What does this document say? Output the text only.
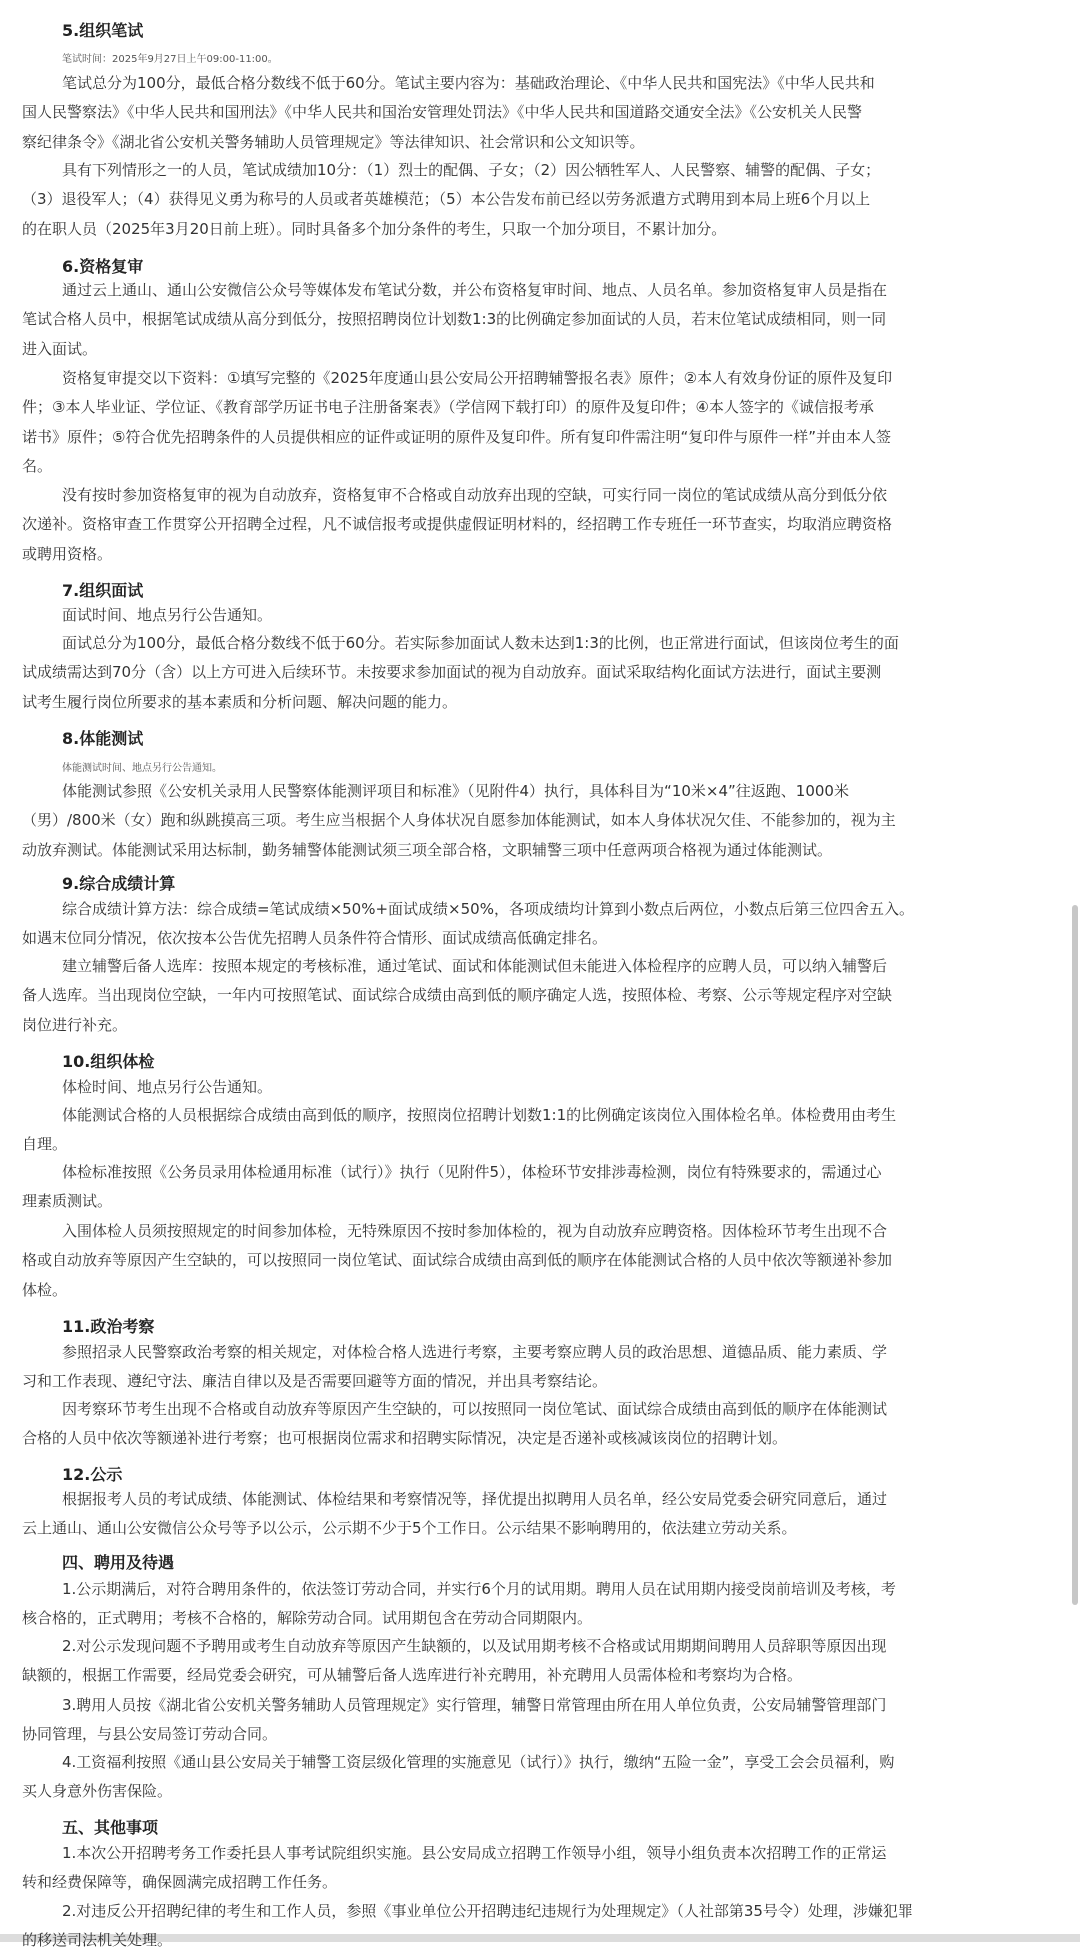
5.组织笔试
笔试时间：2025年9月27日上午09:00-11:00。
笔试总分为100分，最低合格分数线不低于60分。笔试主要内容为：基础政治理论、《中华人民共和国宪法》《中华人民共和
国人民警察法》《中华人民共和国刑法》《中华人民共和国治安管理处罚法》《中华人民共和国道路交通安全法》《公安机关人民警
察纪律条令》《湖北省公安机关警务辅助人员管理规定》等法律知识、社会常识和公文知识等。
具有下列情形之一的人员，笔试成绩加10分：（1）烈士的配偶、子女；（2）因公牺牲军人、人民警察、辅警的配偶、子女；
（3）退役军人；（4）获得见义勇为称号的人员或者英雄模范；（5）本公告发布前已经以劳务派遣方式聘用到本局上班6个月以上
的在职人员（2025年3月20日前上班）。同时具备多个加分条件的考生，只取一个加分项目，不累计加分。
6.资格复审
通过云上通山、通山公安微信公众号等媒体发布笔试分数，并公布资格复审时间、地点、人员名单。参加资格复审人员是指在
笔试合格人员中，根据笔试成绩从高分到低分，按照招聘岗位计划数1:3的比例确定参加面试的人员，若末位笔试成绩相同，则一同
进入面试。
资格复审提交以下资料：①填写完整的《2025年度通山县公安局公开招聘辅警报名表》原件；②本人有效身份证的原件及复印
件；③本人毕业证、学位证、《教育部学历证书电子注册备案表》（学信网下载打印）的原件及复印件；④本人签字的《诚信报考承
诺书》原件；⑤符合优先招聘条件的人员提供相应的证件或证明的原件及复印件。所有复印件需注明“复印件与原件一样”并由本人签
名。
没有按时参加资格复审的视为自动放弃，资格复审不合格或自动放弃出现的空缺，可实行同一岗位的笔试成绩从高分到低分依
次递补。资格审查工作贯穿公开招聘全过程，凡不诚信报考或提供虚假证明材料的，经招聘工作专班任一环节查实，均取消应聘资格
或聘用资格。
7.组织面试
面试时间、地点另行公告通知。
面试总分为100分，最低合格分数线不低于60分。若实际参加面试人数未达到1:3的比例，也正常进行面试，但该岗位考生的面
试成绩需达到70分（含）以上方可进入后续环节。未按要求参加面试的视为自动放弃。面试采取结构化面试方法进行，面试主要测
试考生履行岗位所要求的基本素质和分析问题、解决问题的能力。
8.体能测试
体能测试时间、地点另行公告通知。
体能测试参照《公安机关录用人民警察体能测评项目和标准》（见附件4）执行，具体科目为“10米×4”往返跑、1000米
（男）/800米（女）跑和纵跳摸高三项。考生应当根据个人身体状况自愿参加体能测试，如本人身体状况欠佳、不能参加的，视为主
动放弃测试。体能测试采用达标制，勤务辅警体能测试须三项全部合格，文职辅警三项中任意两项合格视为通过体能测试。
9.综合成绩计算
综合成绩计算方法：综合成绩=笔试成绩×50%+面试成绩×50%，各项成绩均计算到小数点后两位，小数点后第三位四舍五入。
如遇末位同分情况，依次按本公告优先招聘人员条件符合情形、面试成绩高低确定排名。
建立辅警后备人选库：按照本规定的考核标准，通过笔试、面试和体能测试但未能进入体检程序的应聘人员，可以纳入辅警后
备人选库。当出现岗位空缺，一年内可按照笔试、面试综合成绩由高到低的顺序确定人选，按照体检、考察、公示等规定程序对空缺
岗位进行补充。
10.组织体检
体检时间、地点另行公告通知。
体能测试合格的人员根据综合成绩由高到低的顺序，按照岗位招聘计划数1:1的比例确定该岗位入围体检名单。体检费用由考生
自理。
体检标准按照《公务员录用体检通用标准（试行）》执行（见附件5），体检环节安排涉毒检测，岗位有特殊要求的，需通过心
理素质测试。
入围体检人员须按照规定的时间参加体检，无特殊原因不按时参加体检的，视为自动放弃应聘资格。因体检环节考生出现不合
格或自动放弃等原因产生空缺的，可以按照同一岗位笔试、面试综合成绩由高到低的顺序在体能测试合格的人员中依次等额递补参加
体检。
11.政治考察
参照招录人民警察政治考察的相关规定，对体检合格人选进行考察，主要考察应聘人员的政治思想、道德品质、能力素质、学
习和工作表现、遵纪守法、廉洁自律以及是否需要回避等方面的情况，并出具考察结论。
因考察环节考生出现不合格或自动放弃等原因产生空缺的，可以按照同一岗位笔试、面试综合成绩由高到低的顺序在体能测试
合格的人员中依次等额递补进行考察；也可根据岗位需求和招聘实际情况，决定是否递补或核减该岗位的招聘计划。
12.公示
根据报考人员的考试成绩、体能测试、体检结果和考察情况等，择优提出拟聘用人员名单，经公安局党委会研究同意后，通过
云上通山、通山公安微信公众号等予以公示，公示期不少于5个工作日。公示结果不影响聘用的，依法建立劳动关系。
四、聘用及待遇
1.公示期满后，对符合聘用条件的，依法签订劳动合同，并实行6个月的试用期。聘用人员在试用期内接受岗前培训及考核，考
核合格的，正式聘用；考核不合格的，解除劳动合同。试用期包含在劳动合同期限内。
2.对公示发现问题不予聘用或考生自动放弃等原因产生缺额的，以及试用期考核不合格或试用期期间聘用人员辞职等原因出现
缺额的，根据工作需要，经局党委会研究，可从辅警后备人选库进行补充聘用，补充聘用人员需体检和考察均为合格。
3.聘用人员按《湖北省公安机关警务辅助人员管理规定》实行管理，辅警日常管理由所在用人单位负责，公安局辅警管理部门
协同管理，与县公安局签订劳动合同。
4.工资福利按照《通山县公安局关于辅警工资层级化管理的实施意见（试行）》执行，缴纳“五险一金”，享受工会会员福利，购
买人身意外伤害保险。
五、其他事项
1.本次公开招聘考务工作委托县人事考试院组织实施。县公安局成立招聘工作领导小组，领导小组负责本次招聘工作的正常运
转和经费保障等，确保圆满完成招聘工作任务。
2.对违反公开招聘纪律的考生和工作人员，参照《事业单位公开招聘违纪违规行为处理规定》（人社部第35号令）处理，涉嫌犯罪
的移送司法机关处理。
